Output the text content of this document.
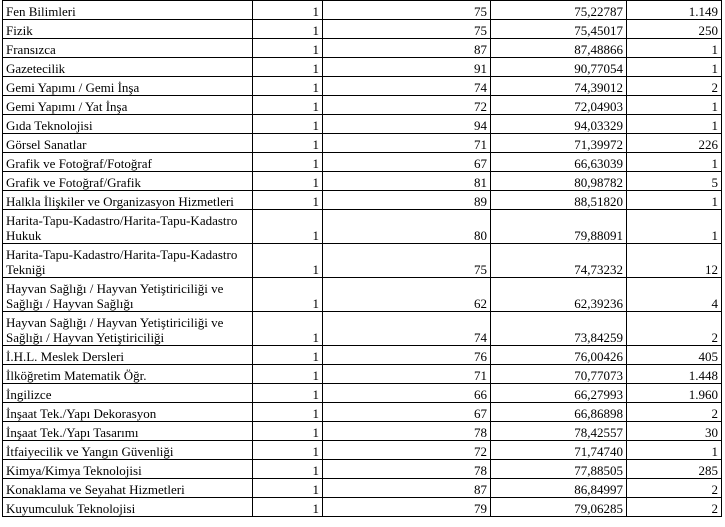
Fen Bilimleri	1	75	75,22787	1.149
Fizik	1	75	75,45017	250
Fransızca	1	87	87,48866	1
Gazetecilik	1	91	90,77054	1
Gemi Yapımı / Gemi İnşa	1	74	74,39012	2
Gemi Yapımı / Yat İnşa	1	72	72,04903	1
Gıda Teknolojisi	1	94	94,03329	1
Görsel Sanatlar	1	71	71,39972	226
Grafik ve Fotoğraf/Fotoğraf	1	67	66,63039	1
Grafik ve Fotoğraf/Grafik	1	81	80,98782	5
Halkla İlişkiler ve Organizasyon Hizmetleri	1	89	88,51820	1
Harita-Tapu-Kadastro/Harita-Tapu-Kadastro Hukuk	1	80	79,88091	1
Harita-Tapu-Kadastro/Harita-Tapu-Kadastro Tekniği	1	75	74,73232	12
Hayvan Sağlığı / Hayvan Yetiştiriciliği ve Sağlığı / Hayvan Sağlığı	1	62	62,39236	4
Hayvan Sağlığı / Hayvan Yetiştiriciliği ve Sağlığı / Hayvan Yetiştiriciliği	1	74	73,84259	2
İ.H.L. Meslek Dersleri	1	76	76,00426	405
İlköğretim Matematik Öğr.	1	71	70,77073	1.448
İngilizce	1	66	66,27993	1.960
İnşaat Tek./Yapı Dekorasyon	1	67	66,86898	2
İnşaat Tek./Yapı Tasarımı	1	78	78,42557	30
İtfaiyecilik ve Yangın Güvenliği	1	72	71,74740	1
Kimya/Kimya Teknolojisi	1	78	77,88505	285
Konaklama ve Seyahat Hizmetleri	1	87	86,84997	2
Kuyumculuk Teknolojisi	1	79	79,06285	2
